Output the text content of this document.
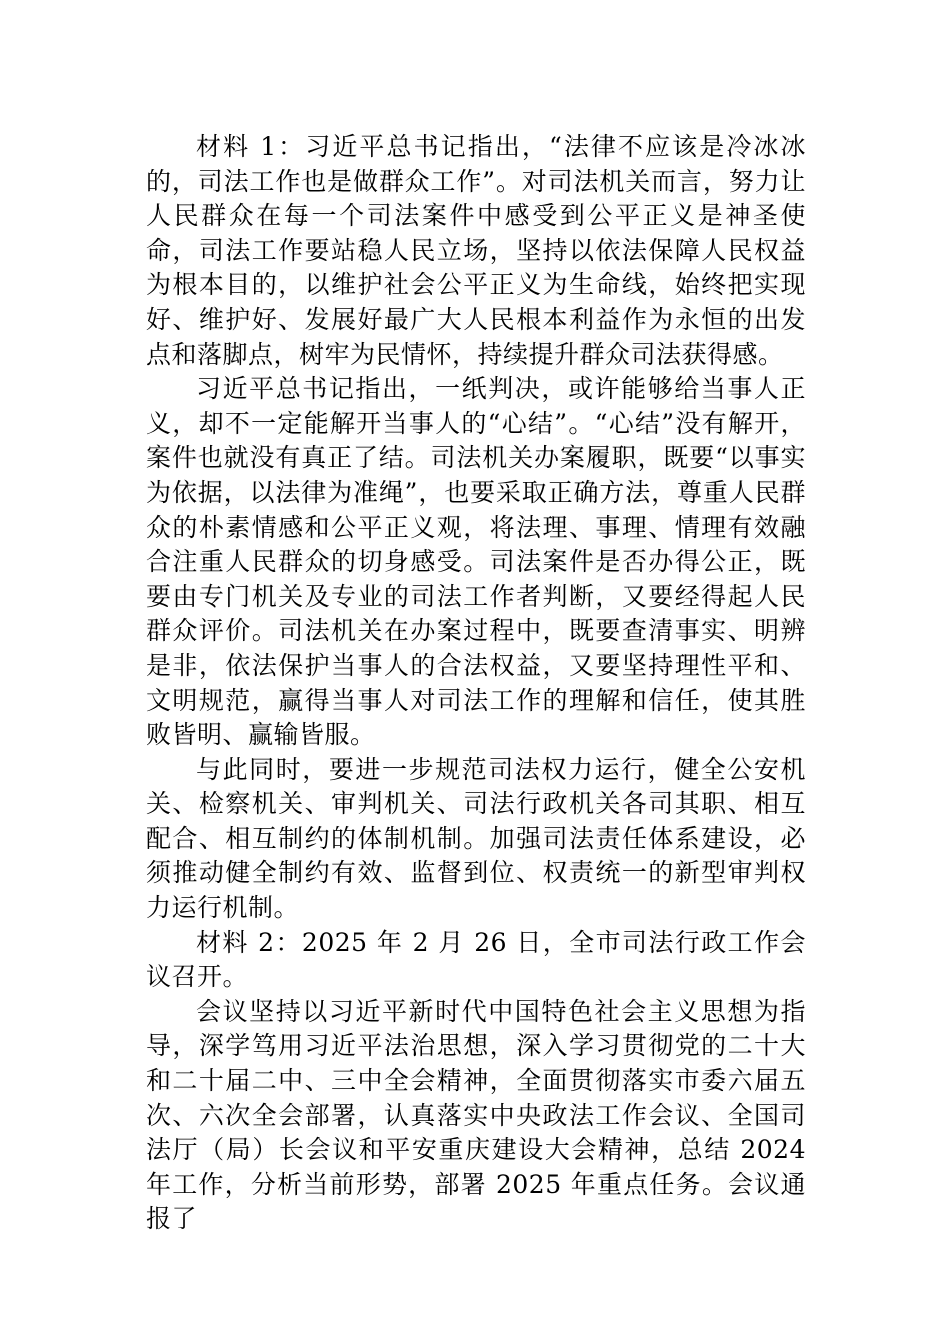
材料 1：习近平总书记指出，“法律不应该是冷冰冰的，司法工作也是做群众工作”。对司法机关而言，努力让人民群众在每一个司法案件中感受到公平正义是神圣使命，司法工作要站稳人民立场，坚持以依法保障人民权益为根本目的，以维护社会公平正义为生命线，始终把实现好、维护好、发展好最广大人民根本利益作为永恒的出发点和落脚点，树牢为民情怀，持续提升群众司法获得感。

习近平总书记指出，一纸判决，或许能够给当事人正义，却不一定能解开当事人的“心结”。“心结”没有解开，案件也就没有真正了结。司法机关办案履职，既要“以事实为依据，以法律为准绳”，也要采取正确方法，尊重人民群众的朴素情感和公平正义观，将法理、事理、情理有效融合注重人民群众的切身感受。司法案件是否办得公正，既要由专门机关及专业的司法工作者判断，又要经得起人民群众评价。司法机关在办案过程中，既要查清事实、明辨是非，依法保护当事人的合法权益，又要坚持理性平和、文明规范，赢得当事人对司法工作的理解和信任，使其胜败皆明、赢输皆服。

与此同时，要进一步规范司法权力运行，健全公安机关、检察机关、审判机关、司法行政机关各司其职、相互配合、相互制约的体制机制。加强司法责任体系建设，必须推动健全制约有效、监督到位、权责统一的新型审判权力运行机制。

材料 2：2025 年 2 月 26 日，全市司法行政工作会议召开。

会议坚持以习近平新时代中国特色社会主义思想为指导，深学笃用习近平法治思想，深入学习贯彻党的二十大和二十届二中、三中全会精神，全面贯彻落实市委六届五次、六次全会部署，认真落实中央政法工作会议、全国司法厅（局）长会议和平安重庆建设大会精神，总结 2024 年工作，分析当前形势，部署 2025 年重点任务。会议通报了
